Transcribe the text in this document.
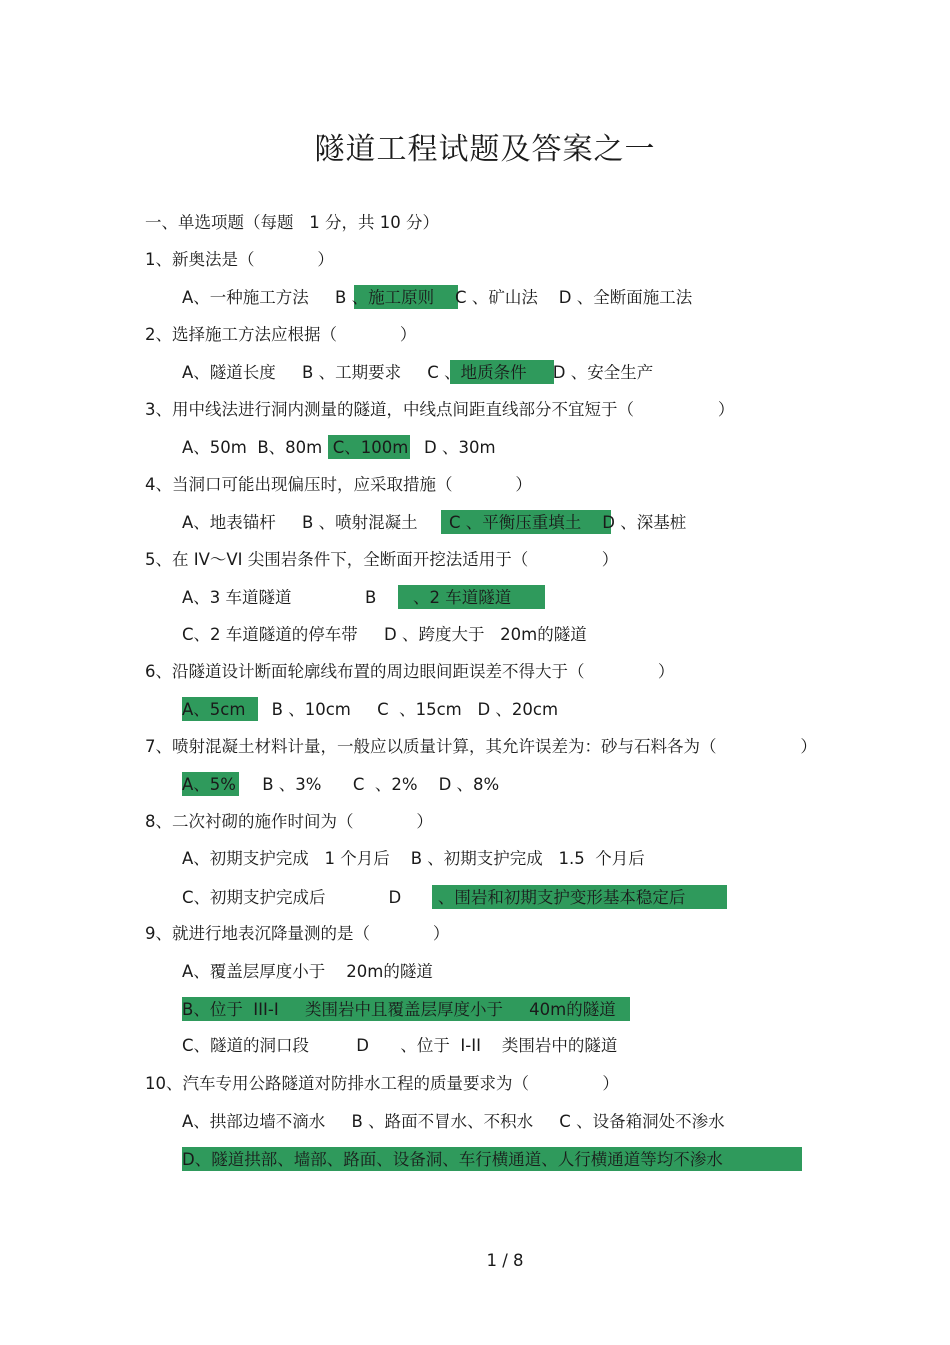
隧道工程试题及答案之一

一、单选项题（每题   1 分，共 10 分）

1、新奥法是（            ）

A、一种施工方法     B 、施工原则    C 、矿山法    D 、全断面施工法

2、选择施工方法应根据（            ）

A、隧道长度     B 、工期要求     C 、地质条件     D 、安全生产

3、用中线法进行洞内测量的隧道，中线点间距直线部分不宜短于（                ）

A、50m  B、80m  C、100m   D 、30m

4、当洞口可能出现偏压时，应采取措施（            ）

A、地表锚杆     B 、喷射混凝土      C 、平衡压重填土    D 、深基桩

5、在 IV～VI 尖围岩条件下，全断面开挖法适用于（              ）

A、3 车道隧道              B       、2 车道隧道

C、2 车道隧道的停车带     D 、跨度大于   20m的隧道

6、沿隧道设计断面轮廓线布置的周边眼间距误差不得大于（              ）

A、5cm     B 、10cm     C  、15cm   D 、20cm

7、喷射混凝土材料计量，一般应以质量计算，其允许误差为：砂与石料各为（                ）

A、5%     B 、3%      C  、2%    D 、8%

8、二次衬砌的施作时间为（            ）

A、初期支护完成   1 个月后    B 、初期支护完成   1.5  个月后

C、初期支护完成后            D       、围岩和初期支护变形基本稳定后

9、就进行地表沉降量测的是（            ）

A、覆盖层厚度小于    20m的隧道

B、位于  III-I     类围岩中且覆盖层厚度小于     40m的隧道

C、隧道的洞口段         D      、位于  I-II    类围岩中的隧道

10、汽车专用公路隧道对防排水工程的质量要求为（              ）

A、拱部边墙不滴水     B 、路面不冒水、不积水     C 、设备箱洞处不渗水

D、隧道拱部、墙部、路面、设备洞、车行横通道、人行横通道等均不渗水

1 / 8
